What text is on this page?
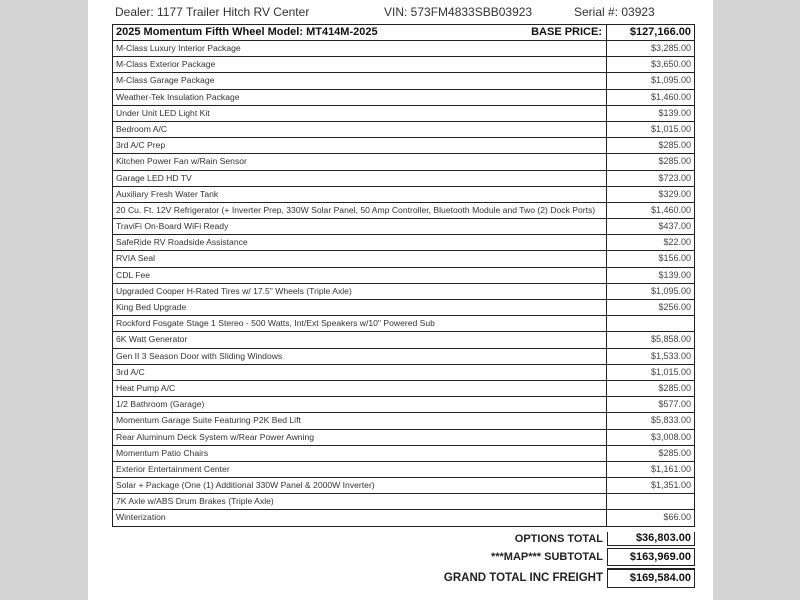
Dealer: 1177 Trailer Hitch RV Center	VIN: 573FM4833SBB03923	Serial #: 03923
2025 Momentum Fifth Wheel Model: MT414M-2025	BASE PRICE:	$127,166.00
M-Class Luxury Interior Package	$3,285.00
M-Class Exterior Package	$3,650.00
M-Class Garage Package	$1,095.00
Weather-Tek Insulation Package	$1,460.00
Under Unit LED Light Kit	$139.00
Bedroom A/C	$1,015.00
3rd A/C Prep	$285.00
Kitchen Power Fan w/Rain Sensor	$285.00
Garage LED HD TV	$723.00
Auxiliary Fresh Water Tank	$329.00
20 Cu. Ft. 12V Refrigerator (+ Inverter Prep, 330W Solar Panel, 50 Amp Controller, Bluetooth Module and Two (2) Dock Ports)	$1,460.00
TraviFi On-Board WiFi Ready	$437.00
SafeRide RV Roadside Assistance	$22.00
RVIA Seal	$156.00
CDL Fee	$139.00
Upgraded Cooper H-Rated Tires w/ 17.5" Wheels (Triple Axle)	$1,095.00
King Bed Upgrade	$256.00
Rockford Fosgate Stage 1 Stereo - 500 Watts, Int/Ext Speakers w/10" Powered Sub
6K Watt Generator	$5,858.00
Gen II 3 Season Door with Sliding Windows	$1,533.00
3rd A/C	$1,015.00
Heat Pump A/C	$285.00
1/2 Bathroom (Garage)	$577.00
Momentum Garage Suite Featuring P2K Bed Lift	$5,833.00
Rear Aluminum Deck System w/Rear Power Awning	$3,008.00
Momentum Patio Chairs	$285.00
Exterior Entertainment Center	$1,161.00
Solar + Package (One (1) Additional 330W Panel & 2000W Inverter)	$1,351.00
7K Axle w/ABS Drum Brakes (Triple Axle)
Winterization	$66.00
OPTIONS TOTAL	$36,803.00
***MAP*** SUBTOTAL	$163,969.00
GRAND TOTAL INC FREIGHT	$169,584.00
